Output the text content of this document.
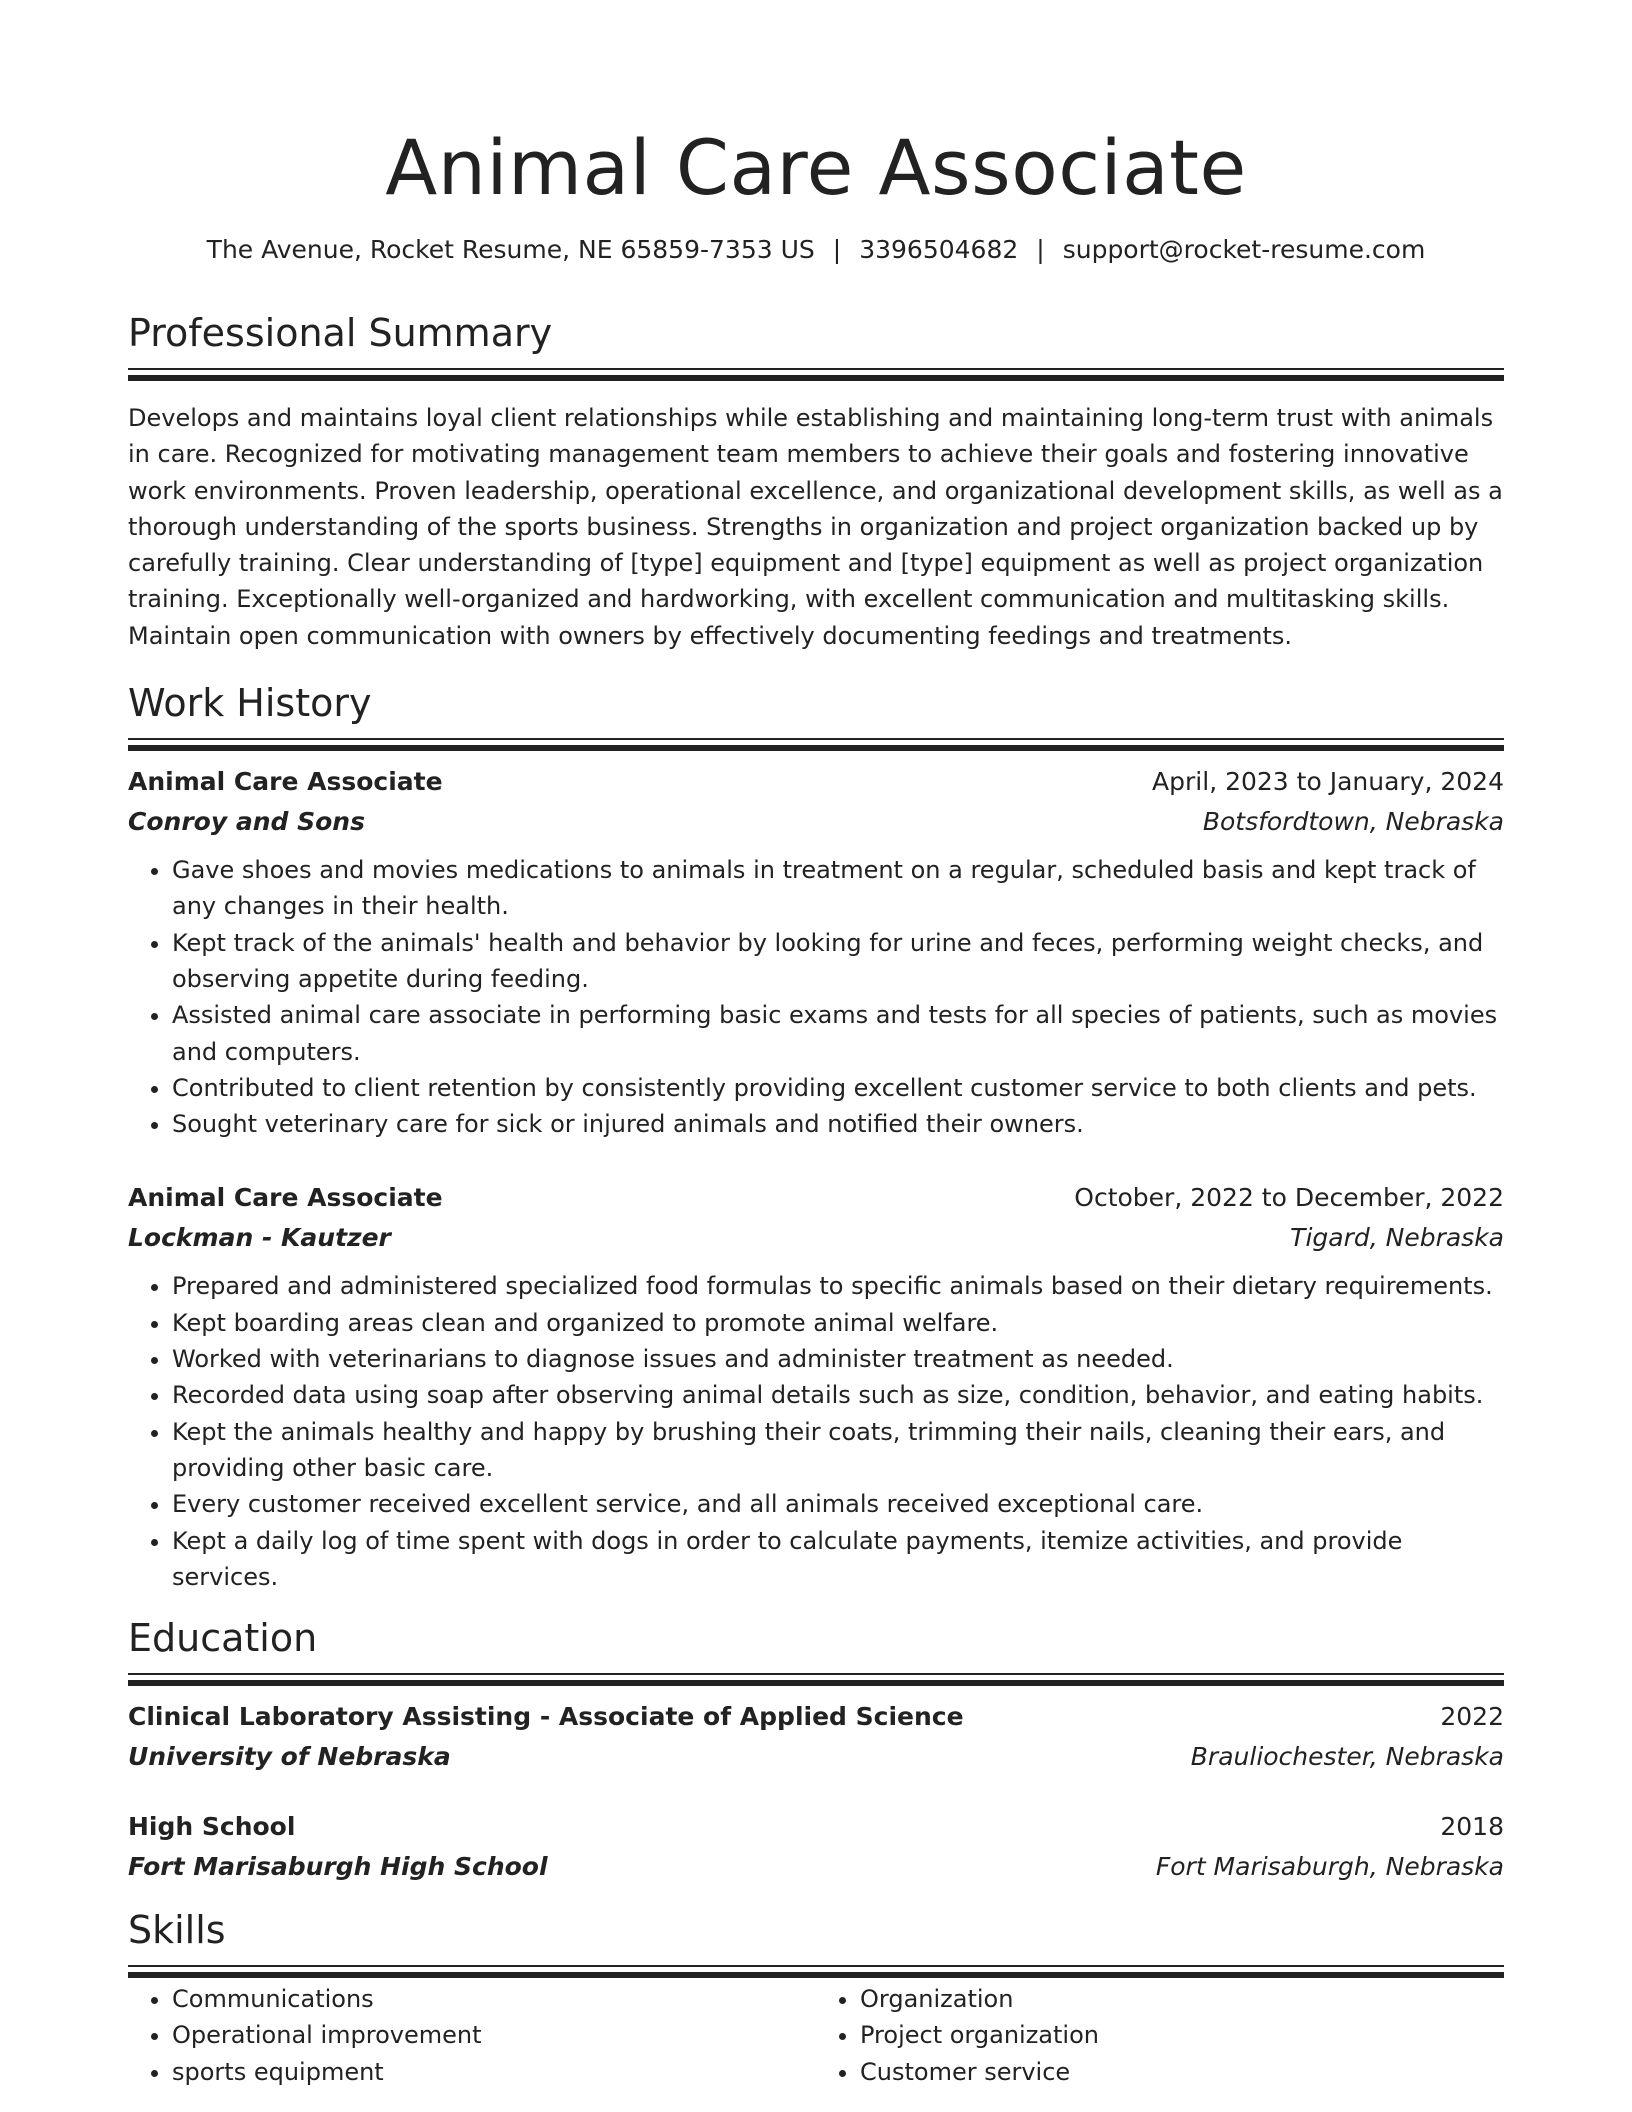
Animal Care Associate
The Avenue, Rocket Resume, NE 65859-7353 US | 3396504682 | support@rocket-resume.com
Professional Summary
Develops and maintains loyal client relationships while establishing and maintaining long-term trust with animals in care. Recognized for motivating management team members to achieve their goals and fostering innovative work environments. Proven leadership, operational excellence, and organizational development skills, as well as a thorough understanding of the sports business. Strengths in organization and project organization backed up by carefully training. Clear understanding of [type] equipment and [type] equipment as well as project organization training. Exceptionally well-organized and hardworking, with excellent communication and multitasking skills. Maintain open communication with owners by effectively documenting feedings and treatments.
Work History
Animal Care Associate	April, 2023 to January, 2024
Conroy and Sons	Botsfordtown, Nebraska
• Gave shoes and movies medications to animals in treatment on a regular, scheduled basis and kept track of any changes in their health.
• Kept track of the animals' health and behavior by looking for urine and feces, performing weight checks, and observing appetite during feeding.
• Assisted animal care associate in performing basic exams and tests for all species of patients, such as movies and computers.
• Contributed to client retention by consistently providing excellent customer service to both clients and pets.
• Sought veterinary care for sick or injured animals and notified their owners.
Animal Care Associate	October, 2022 to December, 2022
Lockman - Kautzer	Tigard, Nebraska
• Prepared and administered specialized food formulas to specific animals based on their dietary requirements.
• Kept boarding areas clean and organized to promote animal welfare.
• Worked with veterinarians to diagnose issues and administer treatment as needed.
• Recorded data using soap after observing animal details such as size, condition, behavior, and eating habits.
• Kept the animals healthy and happy by brushing their coats, trimming their nails, cleaning their ears, and providing other basic care.
• Every customer received excellent service, and all animals received exceptional care.
• Kept a daily log of time spent with dogs in order to calculate payments, itemize activities, and provide services.
Education
Clinical Laboratory Assisting - Associate of Applied Science	2022
University of Nebraska	Brauliochester, Nebraska
High School	2018
Fort Marisaburgh High School	Fort Marisaburgh, Nebraska
Skills
• Communications
• Operational improvement
• sports equipment
• Organization
• Project organization
• Customer service
